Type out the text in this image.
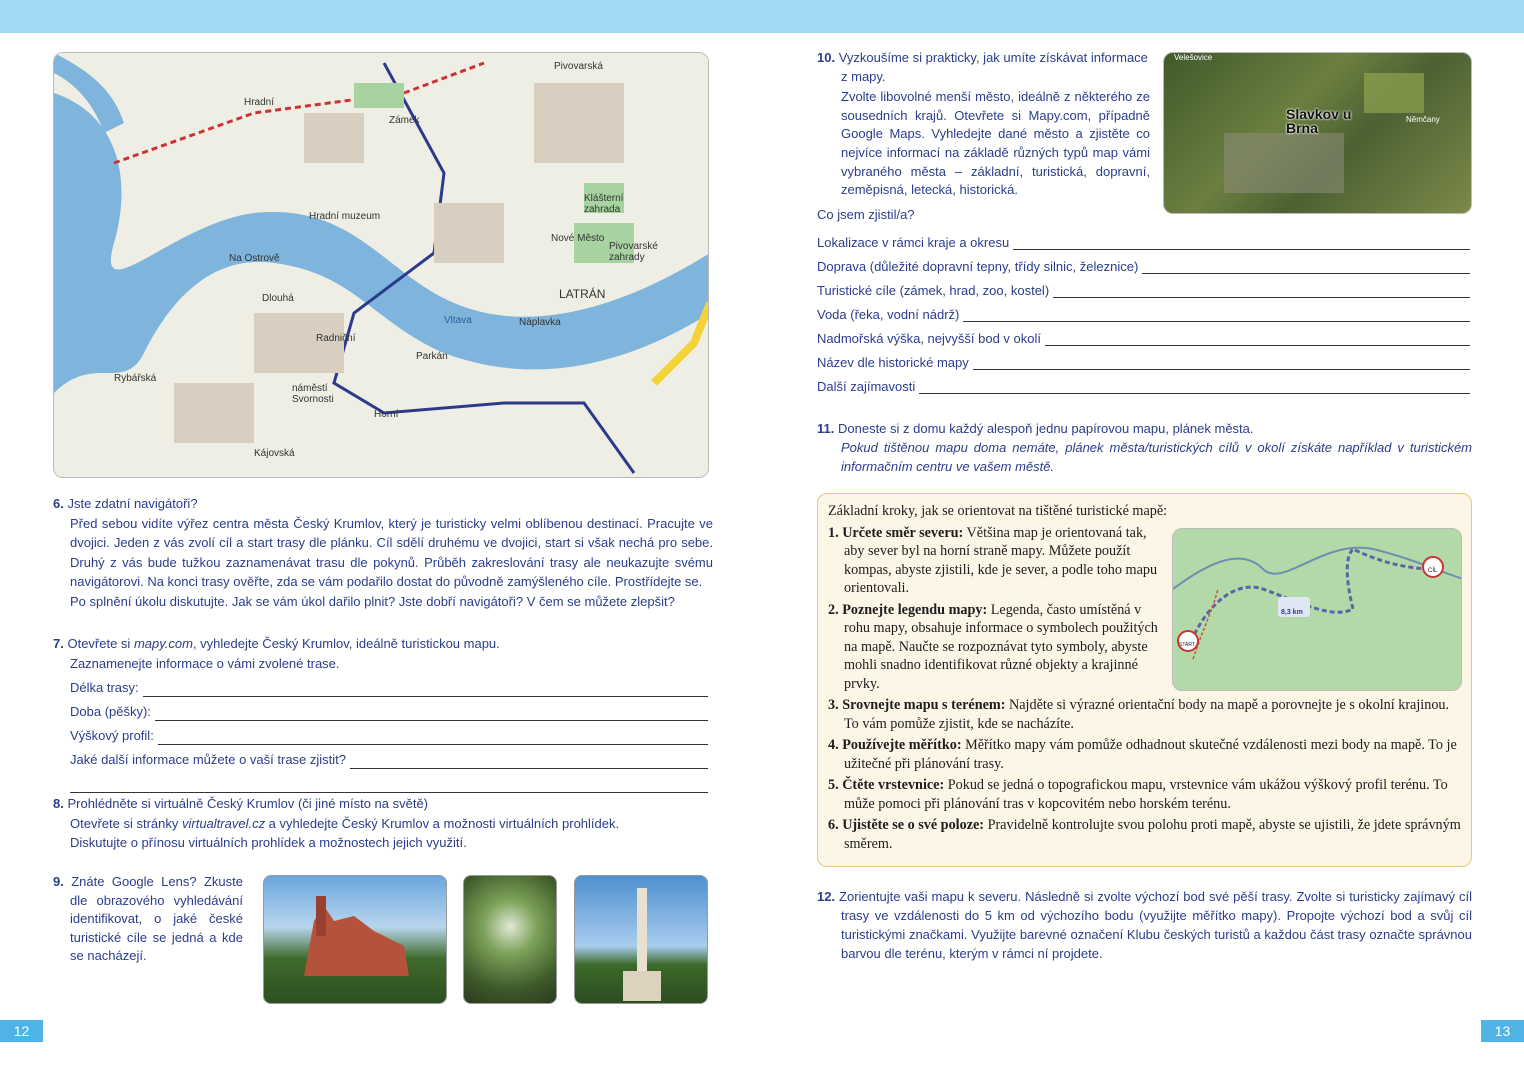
Pivovarská
Zámek
Hradní
LATRÁN
Vltava	Náplavka
Parkán
Horní
náměstí Svornosti
Kájovská
Rybářská
Dlouhá
Radniční
Nové Město
Pivovarské zahrady
Klášterní zahrada
Hradní muzeum
Na Ostrově
6. Jste zdatní navigátoři?
Před sebou vidíte výřez centra města Český Krumlov, který je turisticky velmi oblíbenou destinací. Pracujte ve dvojici. Jeden z vás zvolí cíl a start trasy dle plánku. Cíl sdělí druhému ve dvojici, start si však nechá pro sebe. Druhý z vás bude tužkou zaznamenávat trasu dle pokynů. Průběh zakreslování trasy ale neukazujte svému navigátorovi. Na konci trasy ověřte, zda se vám podařilo dostat do původně zamýšleného cíle. Prostřídejte se.
Po splnění úkolu diskutujte. Jak se vám úkol dařilo plnit? Jste dobří navigátoři? V čem se můžete zlepšit?
7. Otevřete si mapy.com, vyhledejte Český Krumlov, ideálně turistickou mapu.
Zaznamenejte informace o vámi zvolené trase.
Délka trasy:
Doba (pěšky):
Výškový profil:
Jaké další informace můžete o vaší trase zjistit?
8. Prohlédněte si virtuálně Český Krumlov (či jiné místo na světě)
Otevřete si stránky virtualtravel.cz a vyhledejte Český Krumlov a možnosti virtuálních prohlídek.
Diskutujte o přínosu virtuálních prohlídek a možnostech jejich využití.
9. Znáte Google Lens? Zkuste dle obrazového vyhledávání identifikovat, o jaké české turistické cíle se jedná a kde se nacházejí.
10. Vyzkoušíme si prakticky, jak umíte získávat informace z mapy.
Zvolte libovolné menší město, ideálně z některého ze sousedních krajů. Otevřete si Mapy.com, případně Google Maps. Vyhledejte dané město a zjistěte co nejvíce informací na základě různých typů map vámi vybraného města – základní, turistická, dopravní, zeměpisná, letecká, historická.
Velešovice
Slavkov u Brna
Němčany
Co jsem zjistil/a?
Lokalizace v rámci kraje a okresu
Doprava (důležité dopravní tepny, třídy silnic, železnice)
Turistické cíle (zámek, hrad, zoo, kostel)
Voda (řeka, vodní nádrž)
Nadmořská výška, nejvyšší bod v okolí
Název dle historické mapy
Další zajímavosti
11. Doneste si z domu každý alespoň jednu papírovou mapu, plánek města.
Pokud tištěnou mapu doma nemáte, plánek města/turistických cílů v okolí získáte například v turistickém informačním centru ve vašem městě.
Základní kroky, jak se orientovat na tištěné turistické mapě:
START
CÍL
8,3 km
1. Určete směr severu: Většina map je orientovaná tak, aby sever byl na horní straně mapy. Můžete použít kompas, abyste zjistili, kde je sever, a podle toho mapu orientovali.
2. Poznejte legendu mapy: Legenda, často umístěná v rohu mapy, obsahuje informace o symbolech použitých na mapě. Naučte se rozpoznávat tyto symboly, abyste mohli snadno identifikovat různé objekty a krajinné prvky.
3. Srovnejte mapu s terénem: Najděte si výrazné orientační body na mapě a porovnejte je s okolní krajinou. To vám pomůže zjistit, kde se nacházíte.
4. Používejte měřítko: Měřítko mapy vám pomůže odhadnout skutečné vzdálenosti mezi body na mapě. To je užitečné při plánování trasy.
5. Čtěte vrstevnice: Pokud se jedná o topografickou mapu, vrstevnice vám ukážou výškový profil terénu. To může pomoci při plánování tras v kopcovitém nebo horském terénu.
6. Ujistěte se o své poloze: Pravidelně kontrolujte svou polohu proti mapě, abyste se ujistili, že jdete správným směrem.
12. Zorientujte vaši mapu k severu. Následně si zvolte výchozí bod své pěší trasy. Zvolte si turisticky zajímavý cíl trasy ve vzdálenosti do 5 km od výchozího bodu (využijte měřítko mapy). Propojte výchozí bod a svůj cíl turistickými značkami. Využijte barevné označení Klubu českých turistů a každou část trasy označte správnou barvou dle terénu, kterým v rámci ní projdete.
12	13
